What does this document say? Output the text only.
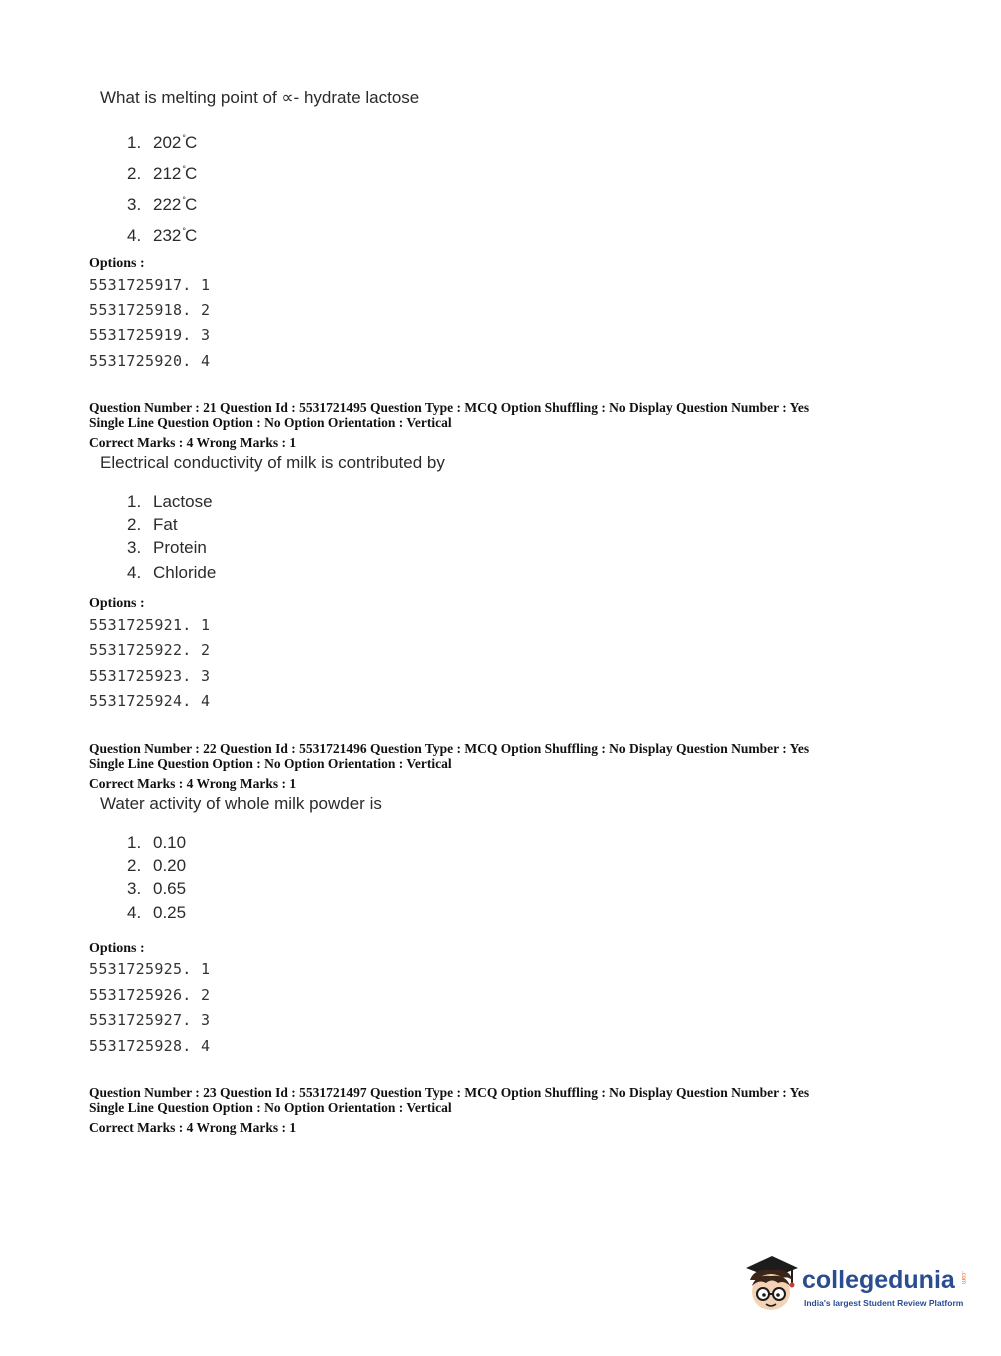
What is melting point of ∝- hydrate lactose
1. 202°C
2. 212°C
3. 222°C
4. 232°C
Options :
5531725917. 1
5531725918. 2
5531725919. 3
5531725920. 4
Question Number : 21 Question Id : 5531721495 Question Type : MCQ Option Shuffling : No Display Question Number : Yes
Single Line Question Option : No Option Orientation : Vertical
Correct Marks : 4 Wrong Marks : 1
Electrical conductivity of milk is contributed by
1. Lactose
2. Fat
3. Protein
4. Chloride
Options :
5531725921. 1
5531725922. 2
5531725923. 3
5531725924. 4
Question Number : 22 Question Id : 5531721496 Question Type : MCQ Option Shuffling : No Display Question Number : Yes
Single Line Question Option : No Option Orientation : Vertical
Correct Marks : 4 Wrong Marks : 1
Water activity of whole milk powder is
1. 0.10
2. 0.20
3. 0.65
4. 0.25
Options :
5531725925. 1
5531725926. 2
5531725927. 3
5531725928. 4
Question Number : 23 Question Id : 5531721497 Question Type : MCQ Option Shuffling : No Display Question Number : Yes
Single Line Question Option : No Option Orientation : Vertical
Correct Marks : 4 Wrong Marks : 1
collegedunia .com
India's largest Student Review Platform
